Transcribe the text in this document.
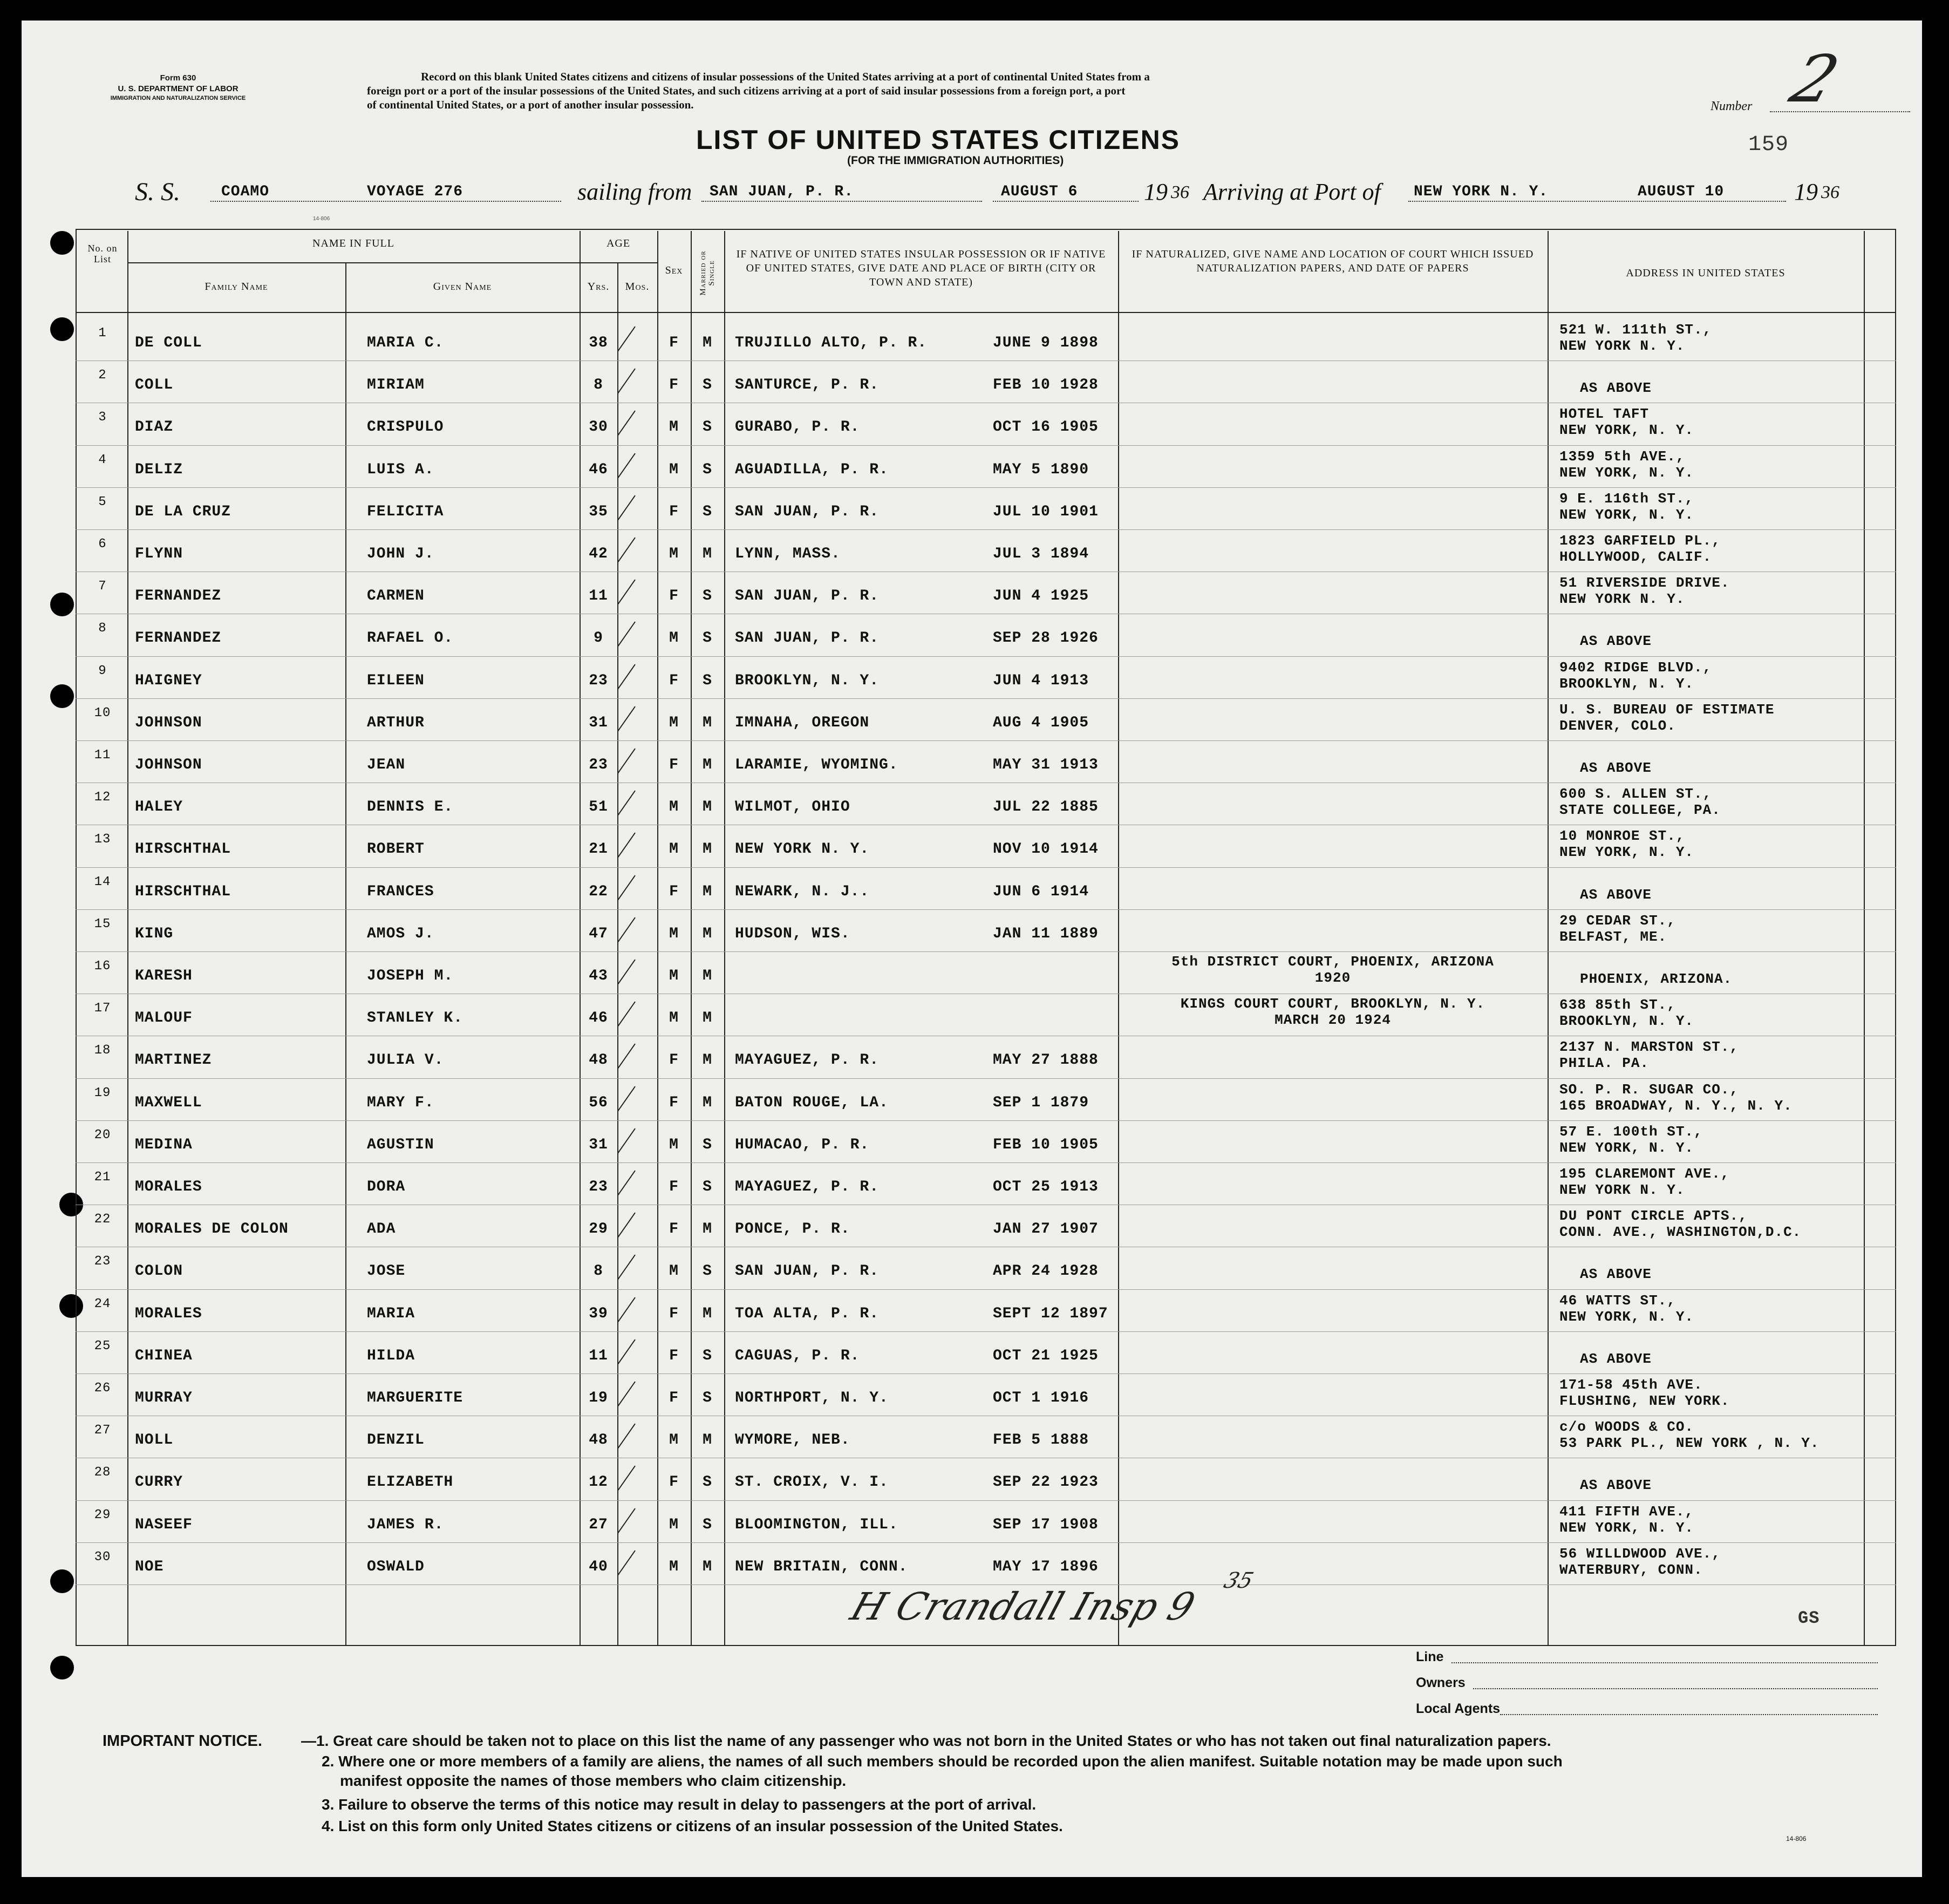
Form 630
U. S. DEPARTMENT OF LABOR
IMMIGRATION AND NATURALIZATION SERVICE
Record on this blank United States citizens and citizens of insular possessions of the United States arriving at a port of continental United States from a
foreign port or a port of the insular possessions of the United States, and such citizens arriving at a port of said insular possessions from a foreign port, a port
of continental United States, or a port of another insular possession.	Number 2
159
LIST OF UNITED STATES CITIZENS
(FOR THE IMMIGRATION AUTHORITIES)
S. S.	COAMO	VOYAGE 276	sailing from SAN JUAN, P. R.	AUGUST 6	19 36 Arriving at Port of NEW YORK N. Y.	AUGUST 10	19 36
No. on List
NAME IN FULL
Family Name	Given Name
AGE
Yrs.	Mos.
Sex	Married or Single
IF NATIVE OF UNITED STATES INSULAR POSSESSION OR IF NATIVE OF UNITED STATES, GIVE DATE AND PLACE OF BIRTH (CITY OR TOWN AND STATE)
IF NATURALIZED, GIVE NAME AND LOCATION OF COURT WHICH ISSUED NATURALIZATION PAPERS, AND DATE OF PAPERS	ADDRESS IN UNITED STATES
1
DE COLL	MARIA C.	38	F	M	TRUJILLO ALTO, P. R.	JUNE 9 1898
521 W. 111th ST.,
NEW YORK N. Y.
2
COLL	MIRIAM	8	F	S	SANTURCE, P. R.	FEB 10 1928	AS ABOVE
3
DIAZ	CRISPULO	30	M	S	GURABO, P. R.	OCT 16 1905
HOTEL TAFT
NEW YORK, N. Y.
4
DELIZ	LUIS A.	46	M	S	AGUADILLA, P. R.	MAY 5 1890
1359 5th AVE.,
NEW YORK, N. Y.
5
DE LA CRUZ	FELICITA	35	F	S	SAN JUAN, P. R.	JUL 10 1901
9 E. 116th ST.,
NEW YORK, N. Y.
6
FLYNN	JOHN J.	42	M	M	LYNN, MASS.	JUL 3 1894
1823 GARFIELD PL.,
HOLLYWOOD, CALIF.
7
FERNANDEZ	CARMEN	11	F	S	SAN JUAN, P. R.	JUN 4 1925
51 RIVERSIDE DRIVE.
NEW YORK N. Y.
8
FERNANDEZ	RAFAEL O.	9	M	S	SAN JUAN, P. R.	SEP 28 1926	AS ABOVE
9
HAIGNEY	EILEEN	23	F	S	BROOKLYN, N. Y.	JUN 4 1913
9402 RIDGE BLVD.,
BROOKLYN, N. Y.
10
JOHNSON	ARTHUR	31	M	M	IMNAHA, OREGON	AUG 4 1905
U. S. BUREAU OF ESTIMATE
DENVER, COLO.
11
JOHNSON	JEAN	23	F	M	LARAMIE, WYOMING.	MAY 31 1913	AS ABOVE
12
HALEY	DENNIS E.	51	M	M	WILMOT, OHIO	JUL 22 1885
600 S. ALLEN ST.,
STATE COLLEGE, PA.
13
HIRSCHTHAL	ROBERT	21	M	M	NEW YORK N. Y.	NOV 10 1914
10 MONROE ST.,
NEW YORK, N. Y.
14
HIRSCHTHAL	FRANCES	22	F	M	NEWARK, N. J..	JUN 6 1914	AS ABOVE
15
KING	AMOS J.	47	M	M	HUDSON, WIS.	JAN 11 1889
29 CEDAR ST.,
BELFAST, ME.
16
KARESH	JOSEPH M.	43	M	M
5th DISTRICT COURT, PHOENIX, ARIZONA
1920	PHOENIX, ARIZONA.
17
MALOUF	STANLEY K.	46	M	M
KINGS COURT COURT, BROOKLYN, N. Y.
MARCH 20 1924
638 85th ST.,
BROOKLYN, N. Y.
18
MARTINEZ	JULIA V.	48	F	M	MAYAGUEZ, P. R.	MAY 27 1888
2137 N. MARSTON ST.,
PHILA. PA.
19
MAXWELL	MARY F.	56	F	M	BATON ROUGE, LA.	SEP 1 1879
SO. P. R. SUGAR CO.,
165 BROADWAY, N. Y., N. Y.
20
MEDINA	AGUSTIN	31	M	S	HUMACAO, P. R.	FEB 10 1905
57 E. 100th ST.,
NEW YORK, N. Y.
21
MORALES	DORA	23	F	S	MAYAGUEZ, P. R.	OCT 25 1913
195 CLAREMONT AVE.,
NEW YORK N. Y.
22
MORALES DE COLON	ADA	29	F	M	PONCE, P. R.	JAN 27 1907
DU PONT CIRCLE APTS.,
CONN. AVE., WASHINGTON,D.C.
23
COLON	JOSE	8	M	S	SAN JUAN, P. R.	APR 24 1928	AS ABOVE
24
MORALES	MARIA	39	F	M	TOA ALTA, P. R.	SEPT 12 1897
46 WATTS ST.,
NEW YORK, N. Y.
25
CHINEA	HILDA	11	F	S	CAGUAS, P. R.	OCT 21 1925	AS ABOVE
26
MURRAY	MARGUERITE	19	F	S	NORTHPORT, N. Y.	OCT 1 1916
171-58 45th AVE.
FLUSHING, NEW YORK.
27
NOLL	DENZIL	48	M	M	WYMORE, NEB.	FEB 5 1888
c/o WOODS & CO.
53 PARK PL., NEW YORK , N. Y.
28
CURRY	ELIZABETH	12	F	S	ST. CROIX, V. I.	SEP 22 1923	AS ABOVE
29
NASEEF	JAMES R.	27	M	S	BLOOMINGTON, ILL.	SEP 17 1908
411 FIFTH AVE.,
NEW YORK, N. Y.
30
NOE	OSWALD	40	M	M	NEW BRITAIN, CONN.	MAY 17 1896
56 WILLDWOOD AVE.,
WATERBURY, CONN.
H Crandall Insp 9
35
GS
Line
Owners
Local Agents
IMPORTANT NOTICE.	—1. Great care should be taken not to place on this list the name of any passenger who was not born in the United States or who has not taken out final naturalization papers.
2. Where one or more members of a family are aliens, the names of all such members should be recorded upon the alien manifest. Suitable notation may be made upon such
manifest opposite the names of those members who claim citizenship.
3. Failure to observe the terms of this notice may result in delay to passengers at the port of arrival.
4. List on this form only United States citizens or citizens of an insular possession of the United States.
14-806
14-806
